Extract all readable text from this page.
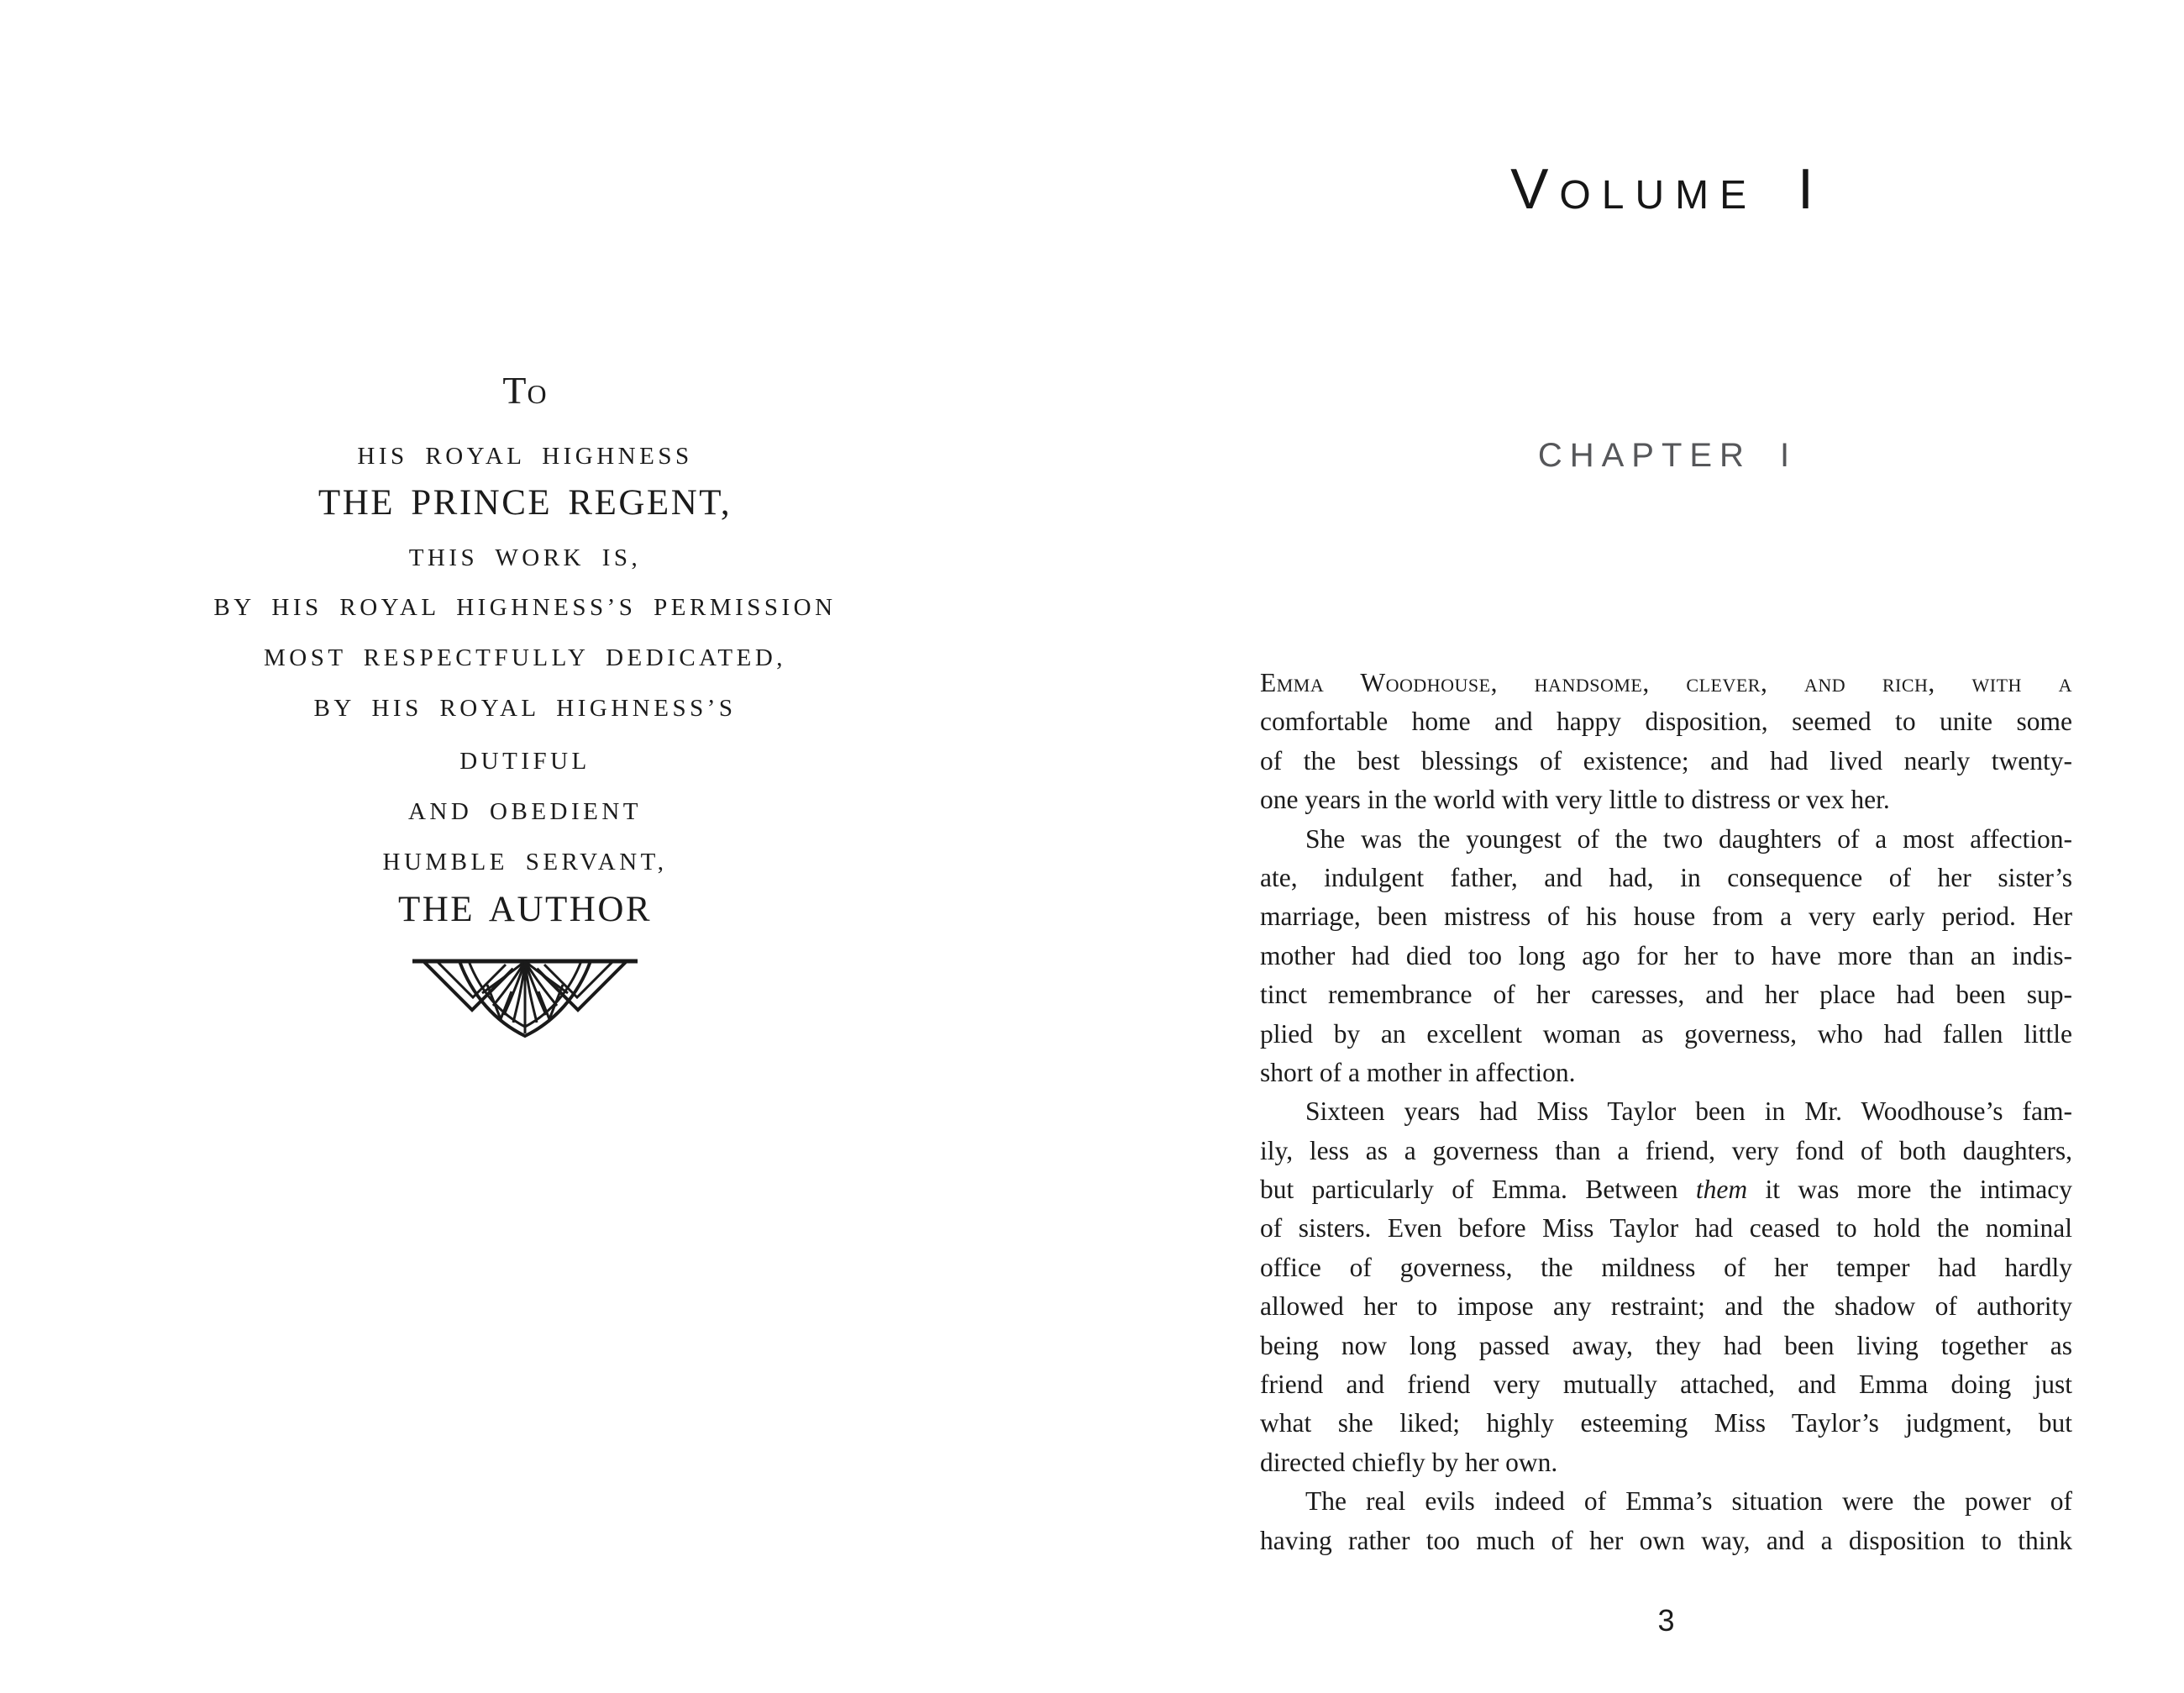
To
HIS ROYAL HIGHNESS
THE PRINCE REGENT,
THIS WORK IS,
BY HIS ROYAL HIGHNESS’S PERMISSION
MOST RESPECTFULLY DEDICATED,
BY HIS ROYAL HIGHNESS’S
DUTIFUL
AND OBEDIENT
HUMBLE SERVANT,
THE AUTHOR
Volume I
CHAPTER I
Emma Woodhouse, handsome, clever, and rich, with a
comfortable home and happy disposition, seemed to unite some
of the best blessings of existence; and had lived nearly twenty-
one years in the world with very little to distress or vex her.
She was the youngest of the two daughters of a most affection-
ate, indulgent father, and had, in consequence of her sister’s
marriage, been mistress of his house from a very early period. Her
mother had died too long ago for her to have more than an indis-
tinct remembrance of her caresses, and her place had been sup-
plied by an excellent woman as governess, who had fallen little
short of a mother in affection.
Sixteen years had Miss Taylor been in Mr. Woodhouse’s fam-
ily, less as a governess than a friend, very fond of both daughters,
but particularly of Emma. Between them it was more the intimacy
of sisters. Even before Miss Taylor had ceased to hold the nominal
office of governess, the mildness of her temper had hardly
allowed her to impose any restraint; and the shadow of authority
being now long passed away, they had been living together as
friend and friend very mutually attached, and Emma doing just
what she liked; highly esteeming Miss Taylor’s judgment, but
directed chiefly by her own.
The real evils indeed of Emma’s situation were the power of
having rather too much of her own way, and a disposition to think
3
